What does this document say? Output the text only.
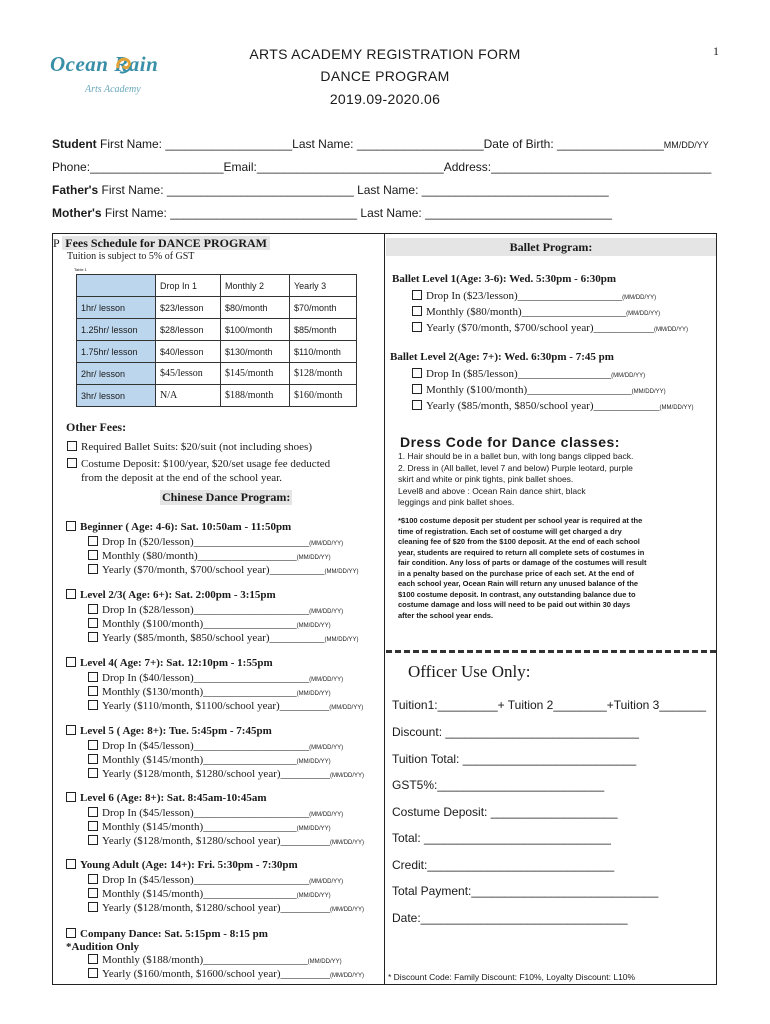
Ocean Rain
Arts Academy
1
ARTS ACADEMY REGISTRATION FORM
DANCE PROGRAM
2019.09-2020.06
Student First Name: ___________________Last Name: ___________________Date of Birth: ________________MM/DD/YY
Phone:____________________Email:____________________________Address:_________________________________
Father's First Name: ____________________________ Last Name: ____________________________
Mother's First Name: ____________________________ Last Name: ____________________________
P Fees Schedule for DANCE PROGRAM
Tuition is subject to 5% of GST
Table 1
	Drop In 1	Monthly 2	Yearly 3
1hr/ lesson	$23/lesson	$80/month	$70/month
1.25hr/ lesson	$28/lesson	$100/month	$85/month
1.75hr/ lesson	$40/lesson	$130/month	$110/month
2hr/ lesson	$45/lesson	$145/month	$128/month
3hr/ lesson	N/A	$188/month	$160/month
Other Fees:
Required Ballet Suits: $20/suit (not including shoes)
Costume Deposit: $100/year, $20/set usage fee deducted
from the deposit at the end of the school year.
Chinese Dance Program:
Beginner ( Age: 4-6): Sat. 10:50am - 11:50pm
Drop In ($20/lesson)_____________________(MM/DD/YY)
Monthly ($80/month)__________________(MM/DD/YY)
Yearly ($70/month, $700/school year)__________(MM/DD/YY)
Level 2/3( Age: 6+): Sat. 2:00pm - 3:15pm
Drop In ($28/lesson)_____________________(MM/DD/YY)
Monthly ($100/month)_________________(MM/DD/YY)
Yearly ($85/month, $850/school year)__________(MM/DD/YY)
Level 4( Age: 7+): Sat. 12:10pm - 1:55pm
Drop In ($40/lesson)_____________________(MM/DD/YY)
Monthly ($130/month)_________________(MM/DD/YY)
Yearly ($110/month, $1100/school year)_________(MM/DD/YY)
Level 5 ( Age: 8+): Tue. 5:45pm - 7:45pm
Drop In ($45/lesson)_____________________(MM/DD/YY)
Monthly ($145/month)_________________(MM/DD/YY)
Yearly ($128/month, $1280/school year)_________(MM/DD/YY)
Level 6 (Age: 8+): Sat. 8:45am-10:45am
Drop In ($45/lesson)_____________________(MM/DD/YY)
Monthly ($145/month)_________________(MM/DD/YY)
Yearly ($128/month, $1280/school year)_________(MM/DD/YY)
Young Adult (Age: 14+): Fri. 5:30pm - 7:30pm
Drop In ($45/lesson)_____________________(MM/DD/YY)
Monthly ($145/month)_________________(MM/DD/YY)
Yearly ($128/month, $1280/school year)_________(MM/DD/YY)
Company Dance: Sat. 5:15pm - 8:15 pm
*Audition Only
Monthly ($188/month)___________________(MM/DD/YY)
Yearly ($160/month, $1600/school year)_________(MM/DD/YY)
Ballet Program:
Ballet Level 1(Age: 3-6): Wed. 5:30pm - 6:30pm
Drop In ($23/lesson)___________________(MM/DD/YY)
Monthly ($80/month)___________________(MM/DD/YY)
Yearly ($70/month, $700/school year)___________(MM/DD/YY)
Ballet Level 2(Age: 7+): Wed. 6:30pm - 7:45 pm
Drop In ($85/lesson)_________________(MM/DD/YY)
Monthly ($100/month)___________________(MM/DD/YY)
Yearly ($85/month, $850/school year)____________(MM/DD/YY)
Dress Code for Dance classes:
1. Hair should be in a ballet bun, with long bangs clipped back.
2. Dress in (All ballet, level 7 and below) Purple leotard, purple
skirt and white or pink tights, pink ballet shoes.
Level8 and above : Ocean Rain dance shirt, black
leggings and pink ballet shoes.
*$100 costume deposit per student per school year is required at the
time of registration. Each set of costume will get charged a dry
cleaning fee of $20 from the $100 deposit. At the end of each school
year, students are required to return all complete sets of costumes in
fair condition. Any loss of parts or damage of the costumes will result
in a penalty based on the purchase price of each set. At the end of
each school year, Ocean Rain will return any unused balance of the
$100 costume deposit. In contrast, any outstanding balance due to
costume damage and loss will need to be paid out within 30 days
after the school year ends.
Officer Use Only:
Tuition1:_________+ Tuition 2________+Tuition 3_______
Discount: _____________________________
Tuition Total: __________________________
GST5%:_________________________
Costume Deposit: ___________________
Total: ____________________________
Credit:____________________________
Total Payment:____________________________
Date:_______________________________
* Discount Code: Family Discount: F10%, Loyalty Discount: L10%
